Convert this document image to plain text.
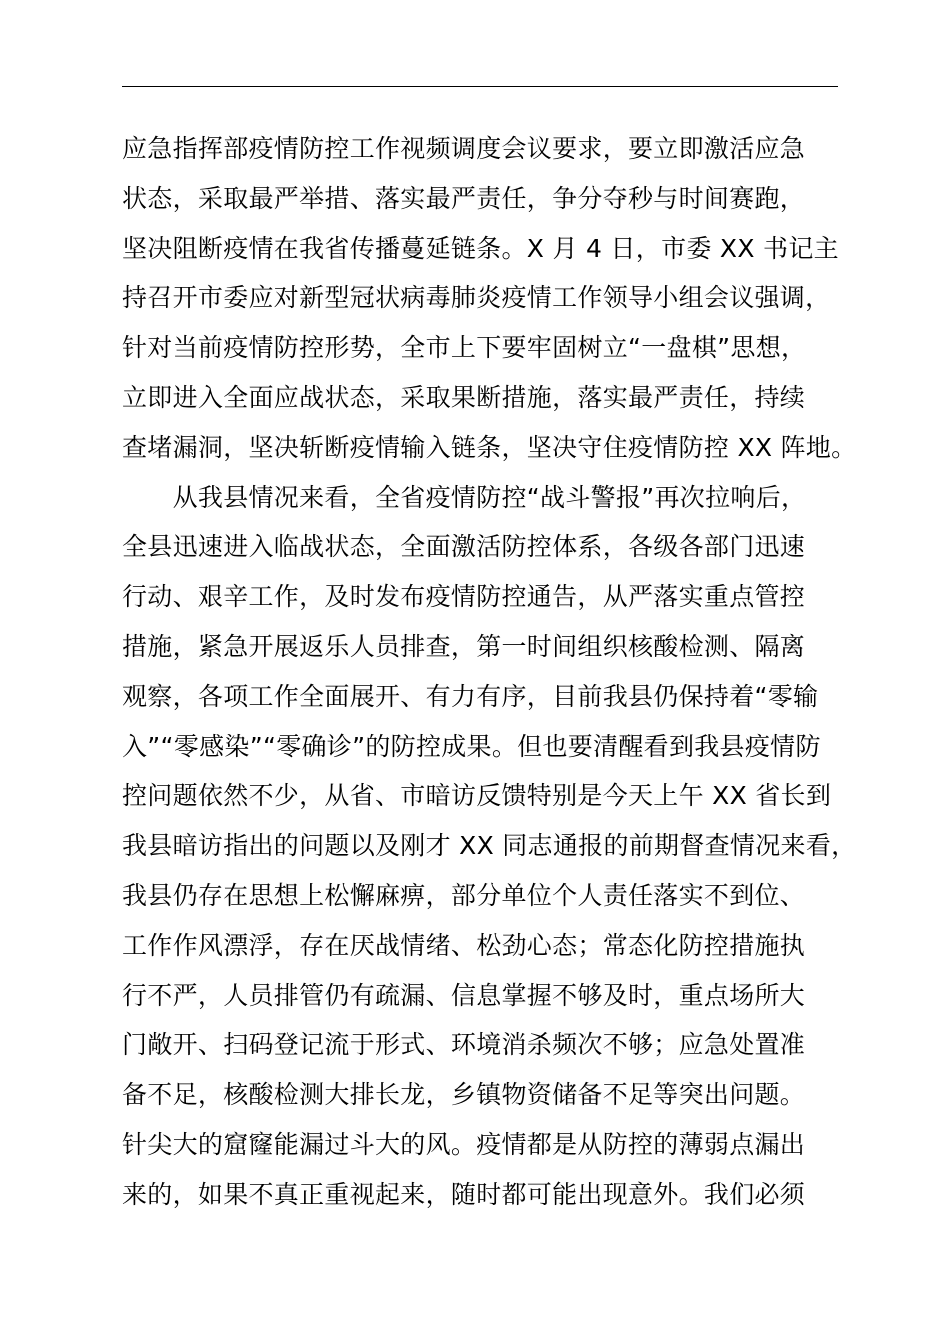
应急指挥部疫情防控工作视频调度会议要求，要立即激活应急
状态，采取最严举措、落实最严责任，争分夺秒与时间赛跑，
坚决阻断疫情在我省传播蔓延链条。X 月 4 日，市委 XX 书记主
持召开市委应对新型冠状病毒肺炎疫情工作领导小组会议强调，
针对当前疫情防控形势，全市上下要牢固树立“一盘棋”思想，
立即进入全面应战状态，采取果断措施，落实最严责任，持续
查堵漏洞，坚决斩断疫情输入链条，坚决守住疫情防控 XX 阵地。
　　从我县情况来看，全省疫情防控“战斗警报”再次拉响后，
全县迅速进入临战状态，全面激活防控体系，各级各部门迅速
行动、艰辛工作，及时发布疫情防控通告，从严落实重点管控
措施，紧急开展返乐人员排查，第一时间组织核酸检测、隔离
观察，各项工作全面展开、有力有序，目前我县仍保持着“零输
入”“零感染”“零确诊”的防控成果。但也要清醒看到我县疫情防
控问题依然不少，从省、市暗访反馈特别是今天上午 XX 省长到
我县暗访指出的问题以及刚才 XX 同志通报的前期督查情况来看，
我县仍存在思想上松懈麻痹，部分单位个人责任落实不到位、
工作作风漂浮，存在厌战情绪、松劲心态；常态化防控措施执
行不严，人员排管仍有疏漏、信息掌握不够及时，重点场所大
门敞开、扫码登记流于形式、环境消杀频次不够；应急处置准
备不足，核酸检测大排长龙，乡镇物资储备不足等突出问题。
针尖大的窟窿能漏过斗大的风。疫情都是从防控的薄弱点漏出
来的，如果不真正重视起来，随时都可能出现意外。我们必须
